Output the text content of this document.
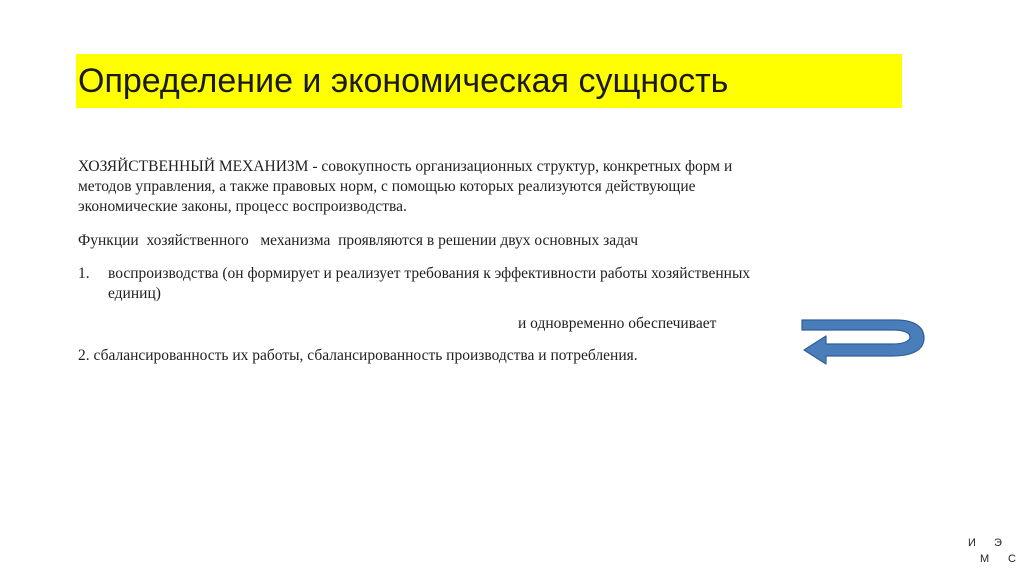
Определение и экономическая сущность
ХОЗЯЙСТВЕННЫЙ МЕХАНИЗМ - совокупность организационных структур, конкретных форм и
методов управления, а также правовых норм, с помощью которых реализуются действующие
экономические законы, процесс воспроизводства.
Функции  хозяйственного   механизма  проявляются в решении двух основных задач
1. воспроизводства (он формирует и реализует требования к эффективности работы хозяйственных
единиц)
и одновременно обеспечивает
2. сбалансированность их работы, сбалансированность производства и потребления.
И Э
М С
